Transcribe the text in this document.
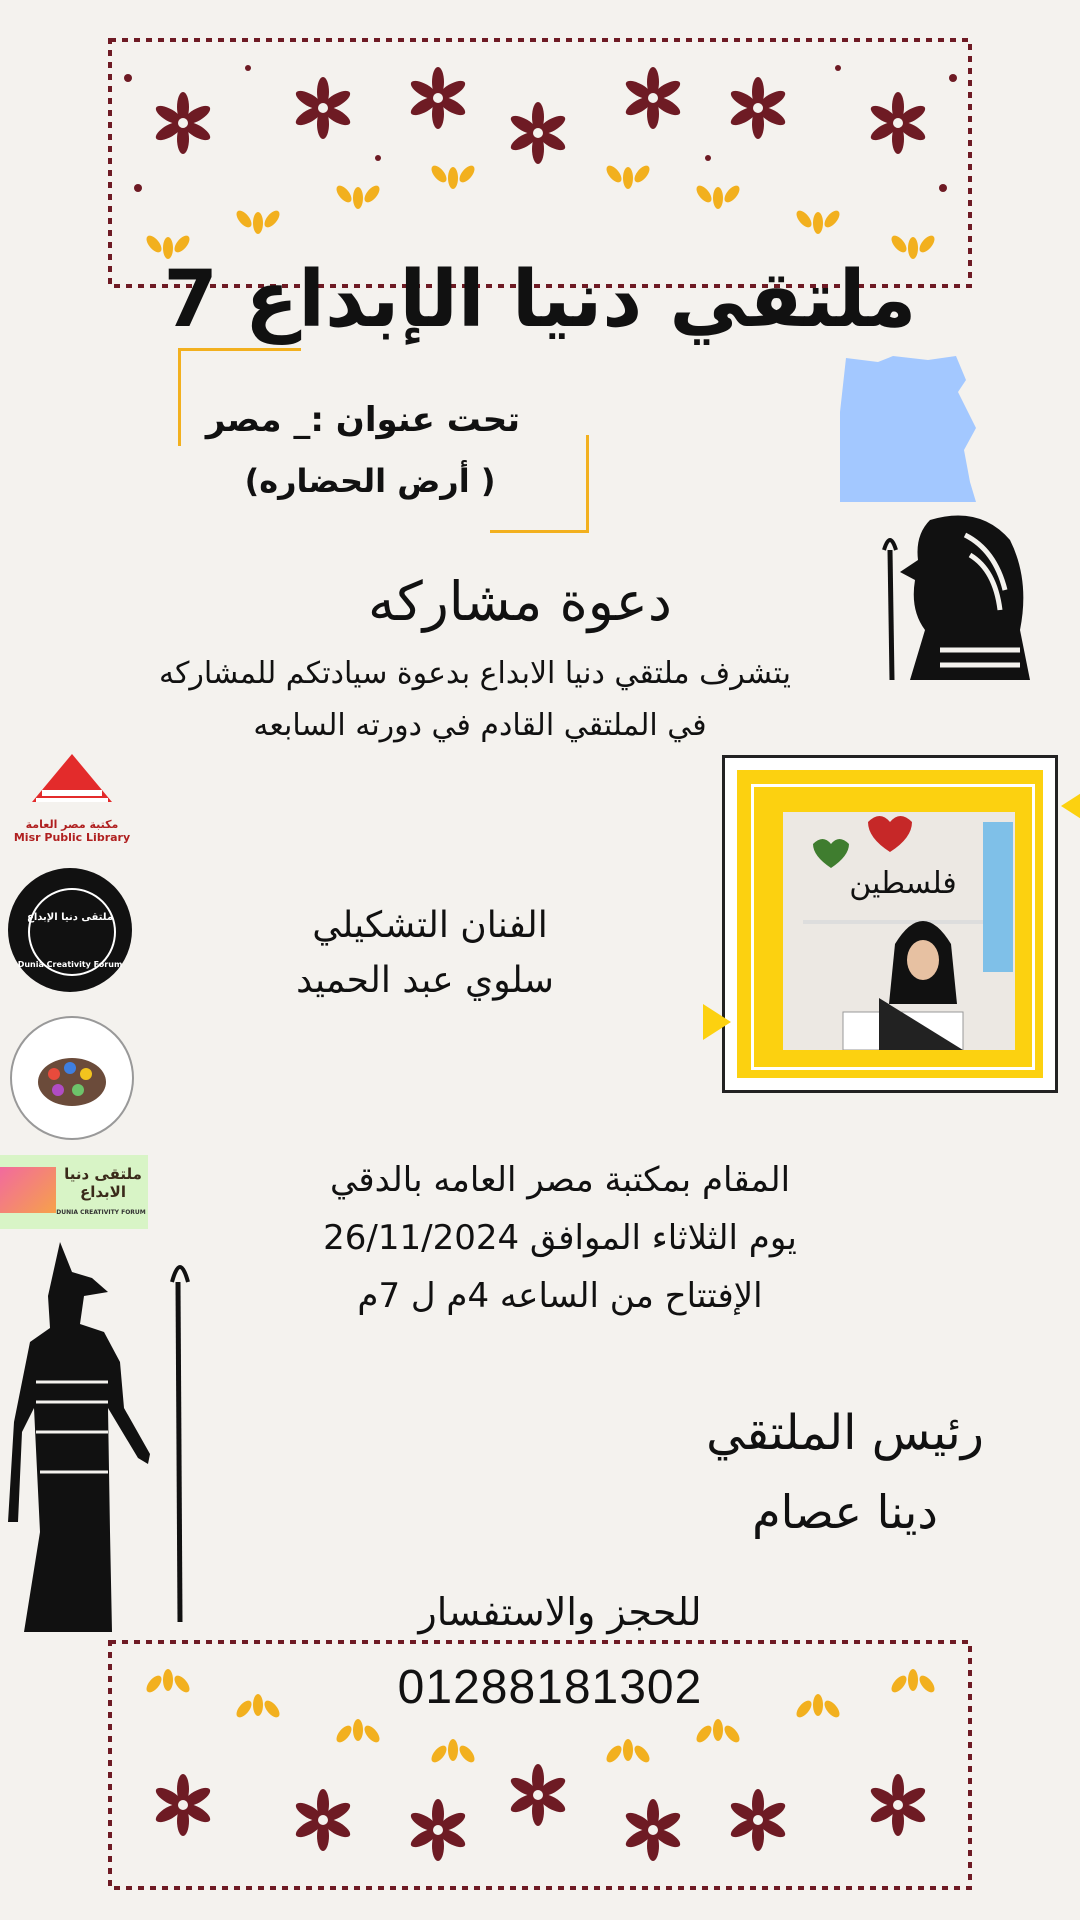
ملتقي دنيا الإبداع 7
تحت عنوان :_ مصر
( أرض الحضاره)
دعوة مشاركه
يتشرف ملتقي دنيا الابداع بدعوة سيادتكم للمشاركه
في الملتقي القادم في دورته السابعه
مكتبة مصر العامة
Misr Public Library
ملتقى دنيا الإبداع
Dunia Creativity Forum
ملتقى دنيا الابداع
DUNIA CREATIVITY FORUM
الفنان التشكيلي
سلوي عبد الحميد
فلسطين
المقام بمكتبة مصر العامه بالدقي
يوم الثلاثاء الموافق 26/11/2024
الإفتتاح من الساعه 4م ل 7م
رئيس الملتقي
دينا عصام
للحجز والاستفسار
01288181302
